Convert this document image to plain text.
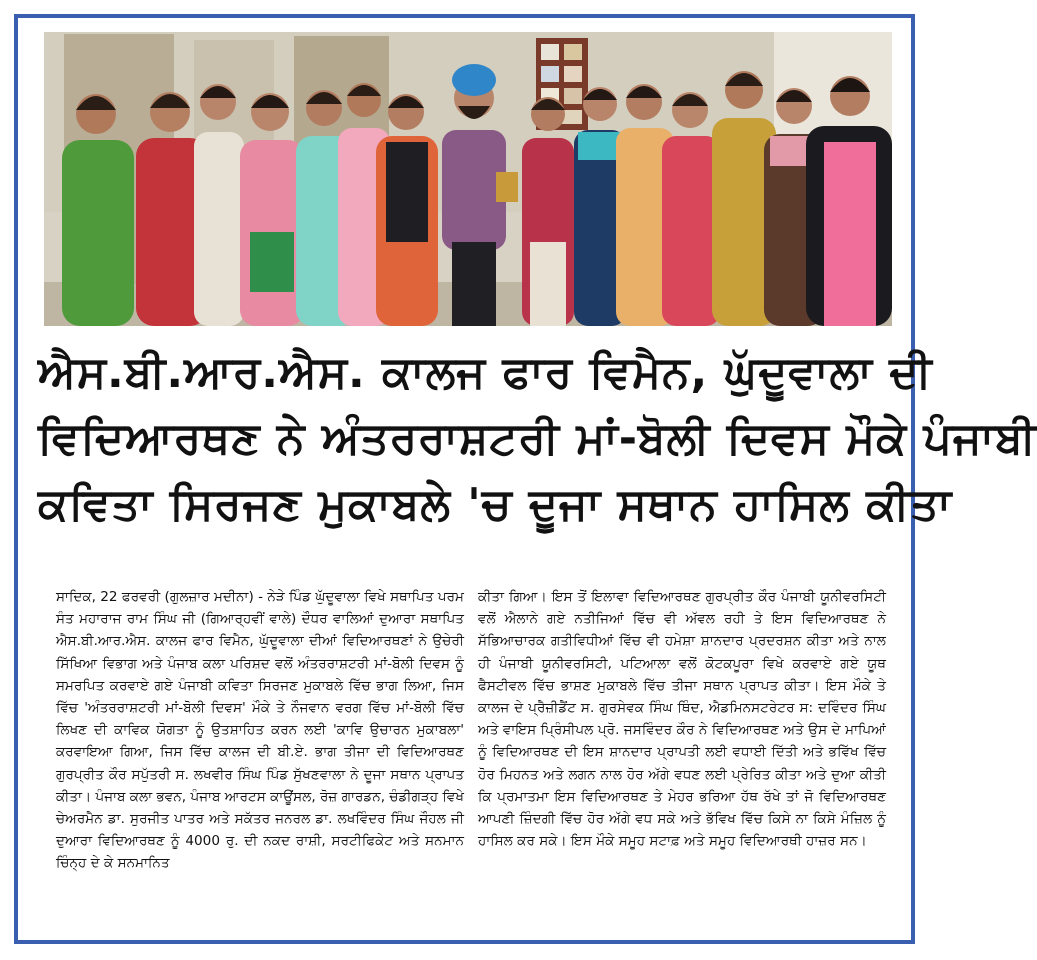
ਐਸ.ਬੀ.ਆਰ.ਐਸ. ਕਾਲਜ ਫਾਰ ਵਿਮੈਨ, ਘੁੱਦੂਵਾਲਾ ਦੀ
ਵਿਦਿਆਰਥਣ ਨੇ ਅੰਤਰਰਾਸ਼ਟਰੀ ਮਾਂ-ਬੋਲੀ ਦਿਵਸ ਮੌਕੇ ਪੰਜਾਬੀ
ਕਵਿਤਾ ਸਿਰਜਣ ਮੁਕਾਬਲੇ 'ਚ ਦੂਜਾ ਸਥਾਨ ਹਾਸਿਲ ਕੀਤਾ

ਸਾਦਿਕ, 22 ਫਰਵਰੀ (ਗੁਲਜ਼ਾਰ ਮਦੀਨਾ) - ਨੇੜੇ ਪਿੰਡ ਘੁੱਦੂਵਾਲਾ ਵਿਖੇ ਸਥਾਪਿਤ ਪਰਮ ਸੰਤ ਮਹਾਰਾਜ ਰਾਮ ਸਿੰਘ ਜੀ (ਗਿਆਰ੍ਹਵੀਂ ਵਾਲੇ) ਦੌਧਰ ਵਾਲਿਆਂ ਦੁਆਰਾ ਸਥਾਪਿਤ ਐਸ.ਬੀ.ਆਰ.ਐਸ. ਕਾਲਜ ਫਾਰ ਵਿਮੈਨ, ਘੁੱਦੂਵਾਲਾ ਦੀਆਂ ਵਿਦਿਆਰਥਣਾਂ ਨੇ ਉਚੇਰੀ ਸਿੱਖਿਆ ਵਿਭਾਗ ਅਤੇ ਪੰਜਾਬ ਕਲਾ ਪਰਿਸ਼ਦ ਵਲੋਂ ਅੰਤਰਰਾਸ਼ਟਰੀ ਮਾਂ-ਬੋਲੀ ਦਿਵਸ ਨੂੰ ਸਮਰਪਿਤ ਕਰਵਾਏ ਗਏ ਪੰਜਾਬੀ ਕਵਿਤਾ ਸਿਰਜਣ ਮੁਕਾਬਲੇ ਵਿੱਚ ਭਾਗ ਲਿਆ, ਜਿਸ ਵਿੱਚ 'ਅੰਤਰਰਾਸ਼ਟਰੀ ਮਾਂ-ਬੋਲੀ ਦਿਵਸ' ਮੌਕੇ ਤੇ ਨੌਜਵਾਨ ਵਰਗ ਵਿੱਚ ਮਾਂ-ਬੋਲੀ ਵਿੱਚ ਲਿਖਣ ਦੀ ਕਾਵਿਕ ਯੋਗਤਾ ਨੂੰ ਉਤਸ਼ਾਹਿਤ ਕਰਨ ਲਈ 'ਕਾਵਿ ਉਚਾਰਨ ਮੁਕਾਬਲਾ' ਕਰਵਾਇਆ ਗਿਆ, ਜਿਸ ਵਿੱਚ ਕਾਲਜ ਦੀ ਬੀ.ਏ. ਭਾਗ ਤੀਜਾ ਦੀ ਵਿਦਿਆਰਥਣ ਗੁਰਪ੍ਰੀਤ ਕੌਰ ਸਪੁੱਤਰੀ ਸ. ਲਖਵੀਰ ਸਿੰਘ ਪਿੰਡ ਸੁੱਖਣਵਾਲਾ ਨੇ ਦੂਜਾ ਸਥਾਨ ਪ੍ਰਾਪਤ ਕੀਤਾ। ਪੰਜਾਬ ਕਲਾ ਭਵਨ, ਪੰਜਾਬ ਆਰਟਸ ਕਾਊਂਸਲ, ਰੋਜ਼ ਗਾਰਡਨ, ਚੰਡੀਗੜ੍ਹ ਵਿਖੇ ਚੇਅਰਮੈਨ ਡਾ. ਸੁਰਜੀਤ ਪਾਤਰ ਅਤੇ ਸਕੱਤਰ ਜਨਰਲ ਡਾ. ਲਖਵਿੰਦਰ ਸਿੰਘ ਜੌਹਲ ਜੀ ਦੁਆਰਾ ਵਿਦਿਆਰਥਣ ਨੂੰ 4000 ਰੁ. ਦੀ ਨਕਦ ਰਾਸ਼ੀ, ਸਰਟੀਫਿਕੇਟ ਅਤੇ ਸਨਮਾਨ ਚਿੰਨ੍ਹ ਦੇ ਕੇ ਸਨਮਾਨਿਤ

ਕੀਤਾ ਗਿਆ। ਇਸ ਤੋਂ ਇਲਾਵਾ ਵਿਦਿਆਰਥਣ ਗੁਰਪ੍ਰੀਤ ਕੌਰ ਪੰਜਾਬੀ ਯੂਨੀਵਰਸਿਟੀ ਵਲੋਂ ਐਲਾਨੇ ਗਏ ਨਤੀਜਿਆਂ ਵਿੱਚ ਵੀ ਅੱਵਲ ਰਹੀ ਤੇ ਇਸ ਵਿਦਿਆਰਥਣ ਨੇ ਸੱਭਿਆਚਾਰਕ ਗਤੀਵਿਧੀਆਂ ਵਿੱਚ ਵੀ ਹਮੇਸ਼ਾ ਸ਼ਾਨਦਾਰ ਪ੍ਰਦਰਸ਼ਨ ਕੀਤਾ ਅਤੇ ਨਾਲ ਹੀ ਪੰਜਾਬੀ ਯੂਨੀਵਰਸਿਟੀ, ਪਟਿਆਲਾ ਵਲੋਂ ਕੋਟਕਪੂਰਾ ਵਿਖੇ ਕਰਵਾਏ ਗਏ ਯੂਥ ਫੈਸਟੀਵਲ ਵਿੱਚ ਭਾਸ਼ਣ ਮੁਕਾਬਲੇ ਵਿੱਚ ਤੀਜਾ ਸਥਾਨ ਪ੍ਰਾਪਤ ਕੀਤਾ। ਇਸ ਮੌਕੇ ਤੇ ਕਾਲਜ ਦੇ ਪ੍ਰੈਜ਼ੀਡੈਂਟ ਸ. ਗੁਰਸੇਵਕ ਸਿੰਘ ਥਿੰਦ, ਐਡਮਿਨਸਟਰੇਟਰ ਸ: ਦਵਿੰਦਰ ਸਿੰਘ ਅਤੇ ਵਾਇਸ ਪ੍ਰਿੰਸੀਪਲ ਪ੍ਰੋ. ਜਸਵਿੰਦਰ ਕੌਰ ਨੇ ਵਿਦਿਆਰਥਣ ਅਤੇ ਉਸ ਦੇ ਮਾਪਿਆਂ ਨੂੰ ਵਿਦਿਆਰਥਣ ਦੀ ਇਸ ਸ਼ਾਨਦਾਰ ਪ੍ਰਾਪਤੀ ਲਈ ਵਧਾਈ ਦਿੱਤੀ ਅਤੇ ਭਵਿੱਖ ਵਿੱਚ ਹੋਰ ਮਿਹਨਤ ਅਤੇ ਲਗਨ ਨਾਲ ਹੋਰ ਅੱਗੇ ਵਧਣ ਲਈ ਪ੍ਰੇਰਿਤ ਕੀਤਾ ਅਤੇ ਦੁਆ ਕੀਤੀ ਕਿ ਪ੍ਰਮਾਤਮਾ ਇਸ ਵਿਦਿਆਰਥਣ ਤੇ ਮੇਹਰ ਭਰਿਆ ਹੱਥ ਰੱਖੇ ਤਾਂ ਜੋ ਵਿਦਿਆਰਥਣ ਆਪਣੀ ਜ਼ਿੰਦਗੀ ਵਿੱਚ ਹੋਰ ਅੱਗੇ ਵਧ ਸਕੇ ਅਤੇ ਭੱਵਿਖ ਵਿੱਚ ਕਿਸੇ ਨਾ ਕਿਸੇ ਮੰਜ਼ਿਲ ਨੂੰ ਹਾਸਿਲ ਕਰ ਸਕੇ। ਇਸ ਮੌਕੇ ਸਮੂਹ ਸਟਾਫ਼ ਅਤੇ ਸਮੂਹ ਵਿਦਿਆਰਥੀ ਹਾਜ਼ਰ ਸਨ।
